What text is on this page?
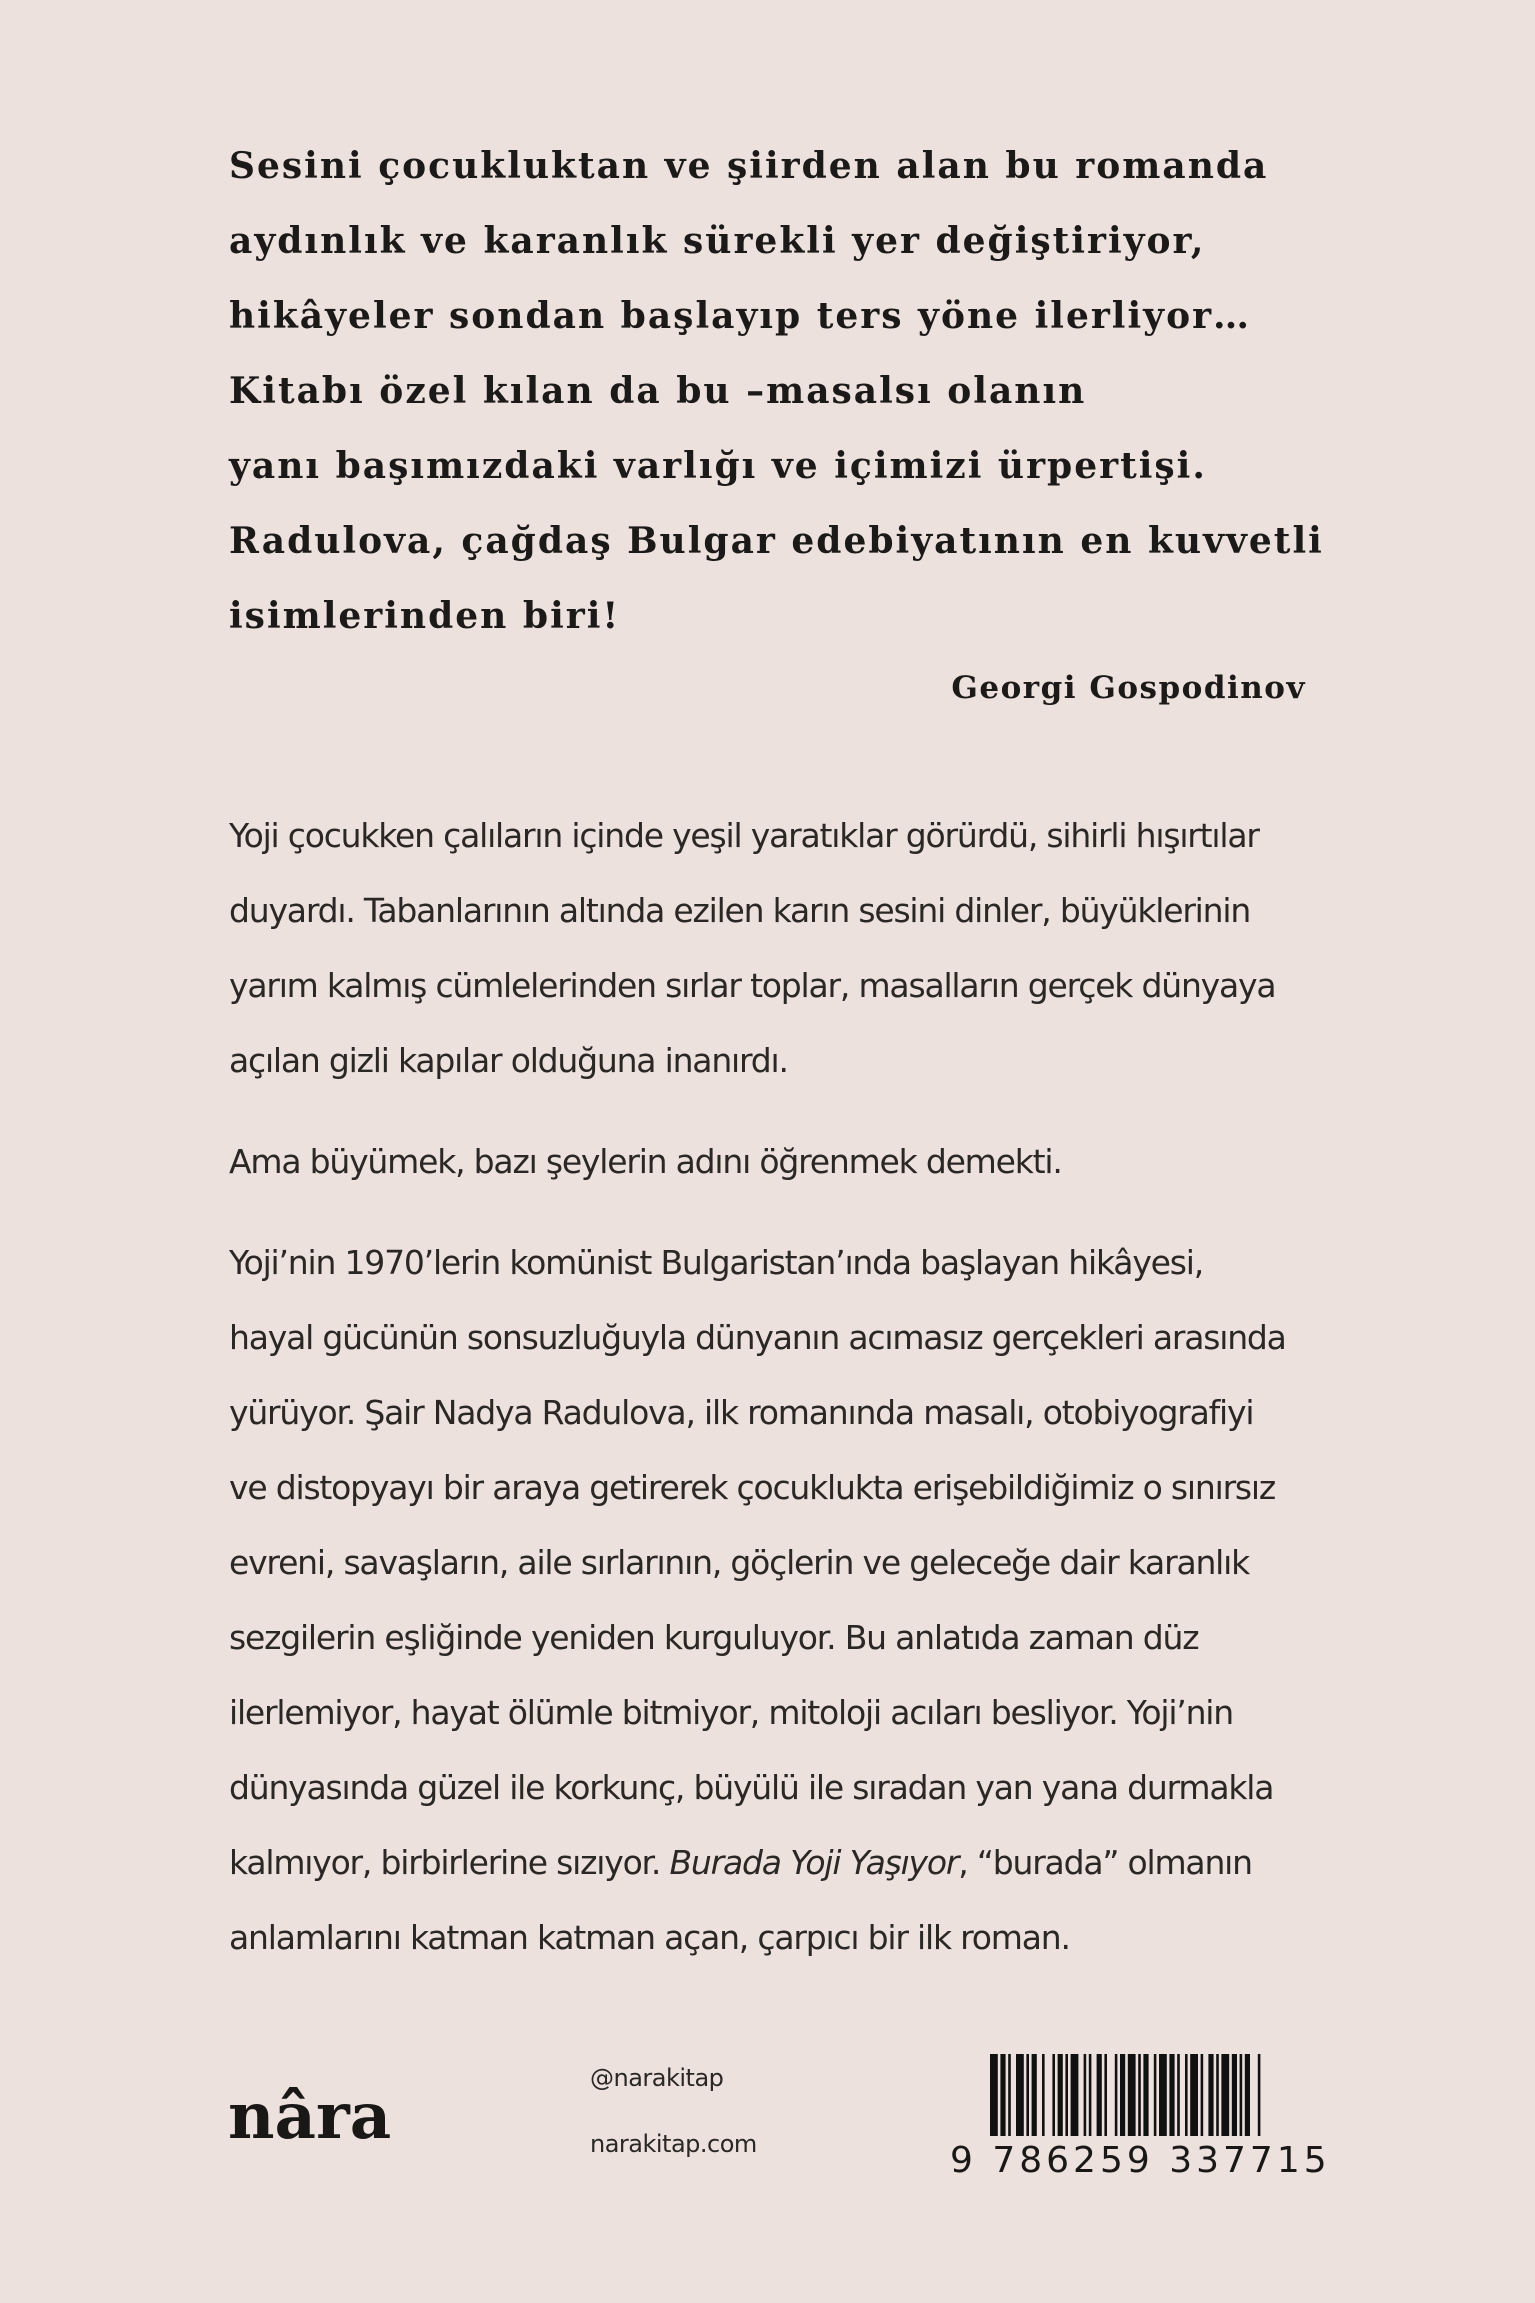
Sesini çocukluktan ve şiirden alan bu romanda
aydınlık ve karanlık sürekli yer değiştiriyor,
hikâyeler sondan başlayıp ters yöne ilerliyor…
Kitabı özel kılan da bu –masalsı olanın
yanı başımızdaki varlığı ve içimizi ürpertişi.
Radulova, çağdaş Bulgar edebiyatının en kuvvetli
isimlerinden biri!
Georgi Gospodinov
Yoji çocukken çalıların içinde yeşil yaratıklar görürdü, sihirli hışırtılar
duyardı. Tabanlarının altında ezilen karın sesini dinler, büyüklerinin
yarım kalmış cümlelerinden sırlar toplar, masalların gerçek dünyaya
açılan gizli kapılar olduğuna inanırdı.
Ama büyümek, bazı şeylerin adını öğrenmek demekti.
Yoji’nin 1970’lerin komünist Bulgaristan’ında başlayan hikâyesi,
hayal gücünün sonsuzluğuyla dünyanın acımasız gerçekleri arasında
yürüyor. Şair Nadya Radulova, ilk romanında masalı, otobiyografiyi
ve distopyayı bir araya getirerek çocuklukta erişebildiğimiz o sınırsız
evreni, savaşların, aile sırlarının, göçlerin ve geleceğe dair karanlık
sezgilerin eşliğinde yeniden kurguluyor. Bu anlatıda zaman düz
ilerlemiyor, hayat ölümle bitmiyor, mitoloji acıları besliyor. Yoji’nin
dünyasında güzel ile korkunç, büyülü ile sıradan yan yana durmakla
kalmıyor, birbirlerine sızıyor. Burada Yoji Yaşıyor, “burada” olmanın
anlamlarını katman katman açan, çarpıcı bir ilk roman.
nâra
@narakitap
narakitap.com	9 786259 337715
